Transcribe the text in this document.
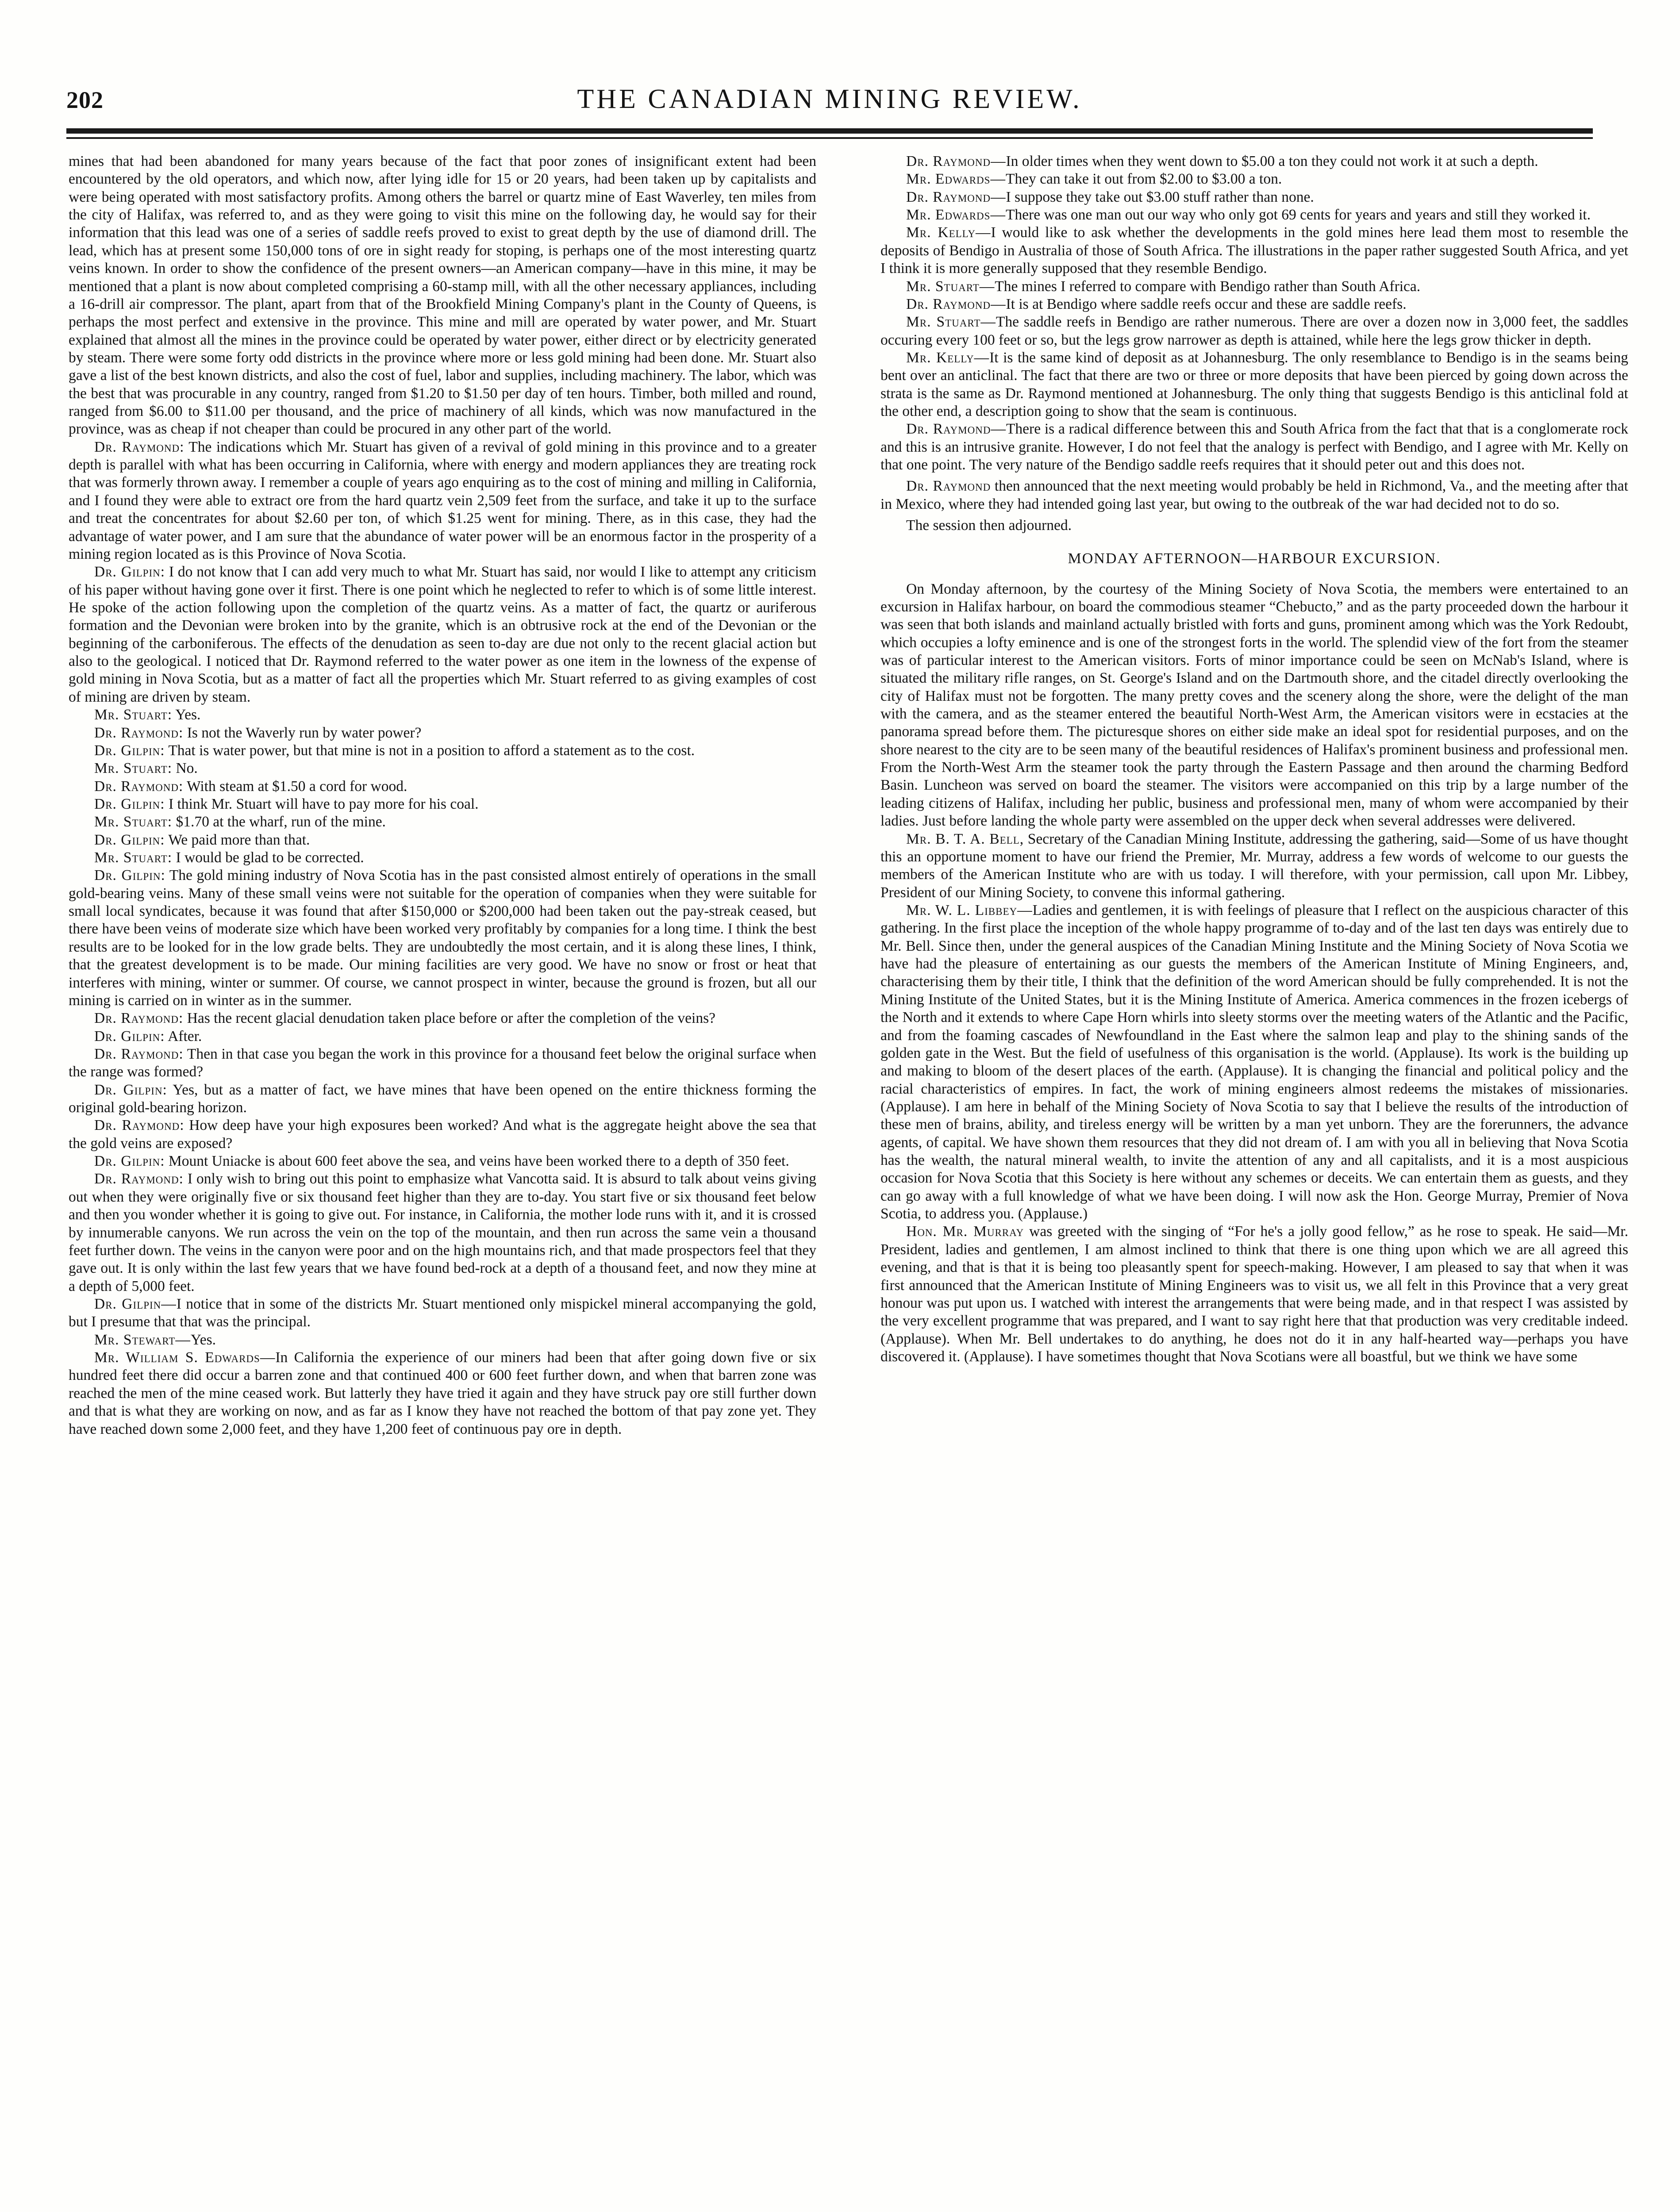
THE CANADIAN MINING REVIEW.
202

mines that had been abandoned for many years because of the fact that poor zones of insignificant extent had been encountered by the old operators, and which now, after lying idle for 15 or 20 years, had been taken up by capitalists and were being operated with most satisfactory profits. Among others the barrel or quartz mine of East Waverley, ten miles from the city of Halifax, was referred to, and as they were going to visit this mine on the following day, he would say for their information that this lead was one of a series of saddle reefs proved to exist to great depth by the use of diamond drill. The lead, which has at present some 150,000 tons of ore in sight ready for stoping, is perhaps one of the most interesting quartz veins known. In order to show the confidence of the present owners—an American company—have in this mine, it may be mentioned that a plant is now about completed comprising a 60-stamp mill, with all the other necessary appliances, including a 16-drill air compressor. The plant, apart from that of the Brookfield Mining Company's plant in the County of Queens, is perhaps the most perfect and extensive in the province. This mine and mill are operated by water power, and Mr. Stuart explained that almost all the mines in the province could be operated by water power, either direct or by electricity generated by steam. There were some forty odd districts in the province where more or less gold mining had been done. Mr. Stuart also gave a list of the best known districts, and also the cost of fuel, labor and supplies, including machinery. The labor, which was the best that was procurable in any country, ranged from $1.20 to $1.50 per day of ten hours. Timber, both milled and round, ranged from $6.00 to $11.00 per thousand, and the price of machinery of all kinds, which was now manufactured in the province, was as cheap if not cheaper than could be procured in any other part of the world.

Dr. Raymond: The indications which Mr. Stuart has given of a revival of gold mining in this province and to a greater depth is parallel with what has been occurring in California, where with energy and modern appliances they are treating rock that was formerly thrown away. I remember a couple of years ago enquiring as to the cost of mining and milling in California, and I found they were able to extract ore from the hard quartz vein 2,509 feet from the surface, and take it up to the surface and treat the concentrates for about $2.60 per ton, of which $1.25 went for mining. There, as in this case, they had the advantage of water power, and I am sure that the abundance of water power will be an enormous factor in the prosperity of a mining region located as is this Province of Nova Scotia.

Dr. Gilpin: I do not know that I can add very much to what Mr. Stuart has said, nor would I like to attempt any criticism of his paper without having gone over it first. There is one point which he neglected to refer to which is of some little interest. He spoke of the action following upon the completion of the quartz veins. As a matter of fact, the quartz or auriferous formation and the Devonian were broken into by the granite, which is an obtrusive rock at the end of the Devonian or the beginning of the carboniferous. The effects of the denudation as seen to-day are due not only to the recent glacial action but also to the geological. I noticed that Dr. Raymond referred to the water power as one item in the lowness of the expense of gold mining in Nova Scotia, but as a matter of fact all the properties which Mr. Stuart referred to as giving examples of cost of mining are driven by steam.

Mr. Stuart: Yes.

Dr. Raymond: Is not the Waverly run by water power?

Dr. Gilpin: That is water power, but that mine is not in a position to afford a statement as to the cost.

Mr. Stuart: No.

Dr. Raymond: With steam at $1.50 a cord for wood.

Dr. Gilpin: I think Mr. Stuart will have to pay more for his coal.

Mr. Stuart: $1.70 at the wharf, run of the mine.

Dr. Gilpin: We paid more than that.

Mr. Stuart: I would be glad to be corrected.

Dr. Gilpin: The gold mining industry of Nova Scotia has in the past consisted almost entirely of operations in the small gold-bearing veins. Many of these small veins were not suitable for the operation of companies when they were suitable for small local syndicates, because it was found that after $150,000 or $200,000 had been taken out the pay-streak ceased, but there have been veins of moderate size which have been worked very profitably by companies for a long time. I think the best results are to be looked for in the low grade belts. They are undoubtedly the most certain, and it is along these lines, I think, that the greatest development is to be made. Our mining facilities are very good. We have no snow or frost or heat that interferes with mining, winter or summer. Of course, we cannot prospect in winter, because the ground is frozen, but all our mining is carried on in winter as in the summer.

Dr. Raymond: Has the recent glacial denudation taken place before or after the completion of the veins?

Dr. Gilpin: After.

Dr. Raymond: Then in that case you began the work in this province for a thousand feet below the original surface when the range was formed?

Dr. Gilpin: Yes, but as a matter of fact, we have mines that have been opened on the entire thickness forming the original gold-bearing horizon.

Dr. Raymond: How deep have your high exposures been worked? And what is the aggregate height above the sea that the gold veins are exposed?

Dr. Gilpin: Mount Uniacke is about 600 feet above the sea, and veins have been worked there to a depth of 350 feet.

Dr. Raymond: I only wish to bring out this point to emphasize what Vancotta said. It is absurd to talk about veins giving out when they were originally five or six thousand feet higher than they are to-day. You start five or six thousand feet below and then you wonder whether it is going to give out. For instance, in California, the mother lode runs with it, and it is crossed by innumerable canyons. We run across the vein on the top of the mountain, and then run across the same vein a thousand feet further down. The veins in the canyon were poor and on the high mountains rich, and that made prospectors feel that they gave out. It is only within the last few years that we have found bed-rock at a depth of a thousand feet, and now they mine at a depth of 5,000 feet.

Dr. Gilpin—I notice that in some of the districts Mr. Stuart mentioned only mispickel mineral accompanying the gold, but I presume that that was the principal.

Mr. Stewart—Yes.

Mr. William S. Edwards—In California the experience of our miners had been that after going down five or six hundred feet there did occur a barren zone and that continued 400 or 600 feet further down, and when that barren zone was reached the men of the mine ceased work. But latterly they have tried it again and they have struck pay ore still further down and that is what they are working on now, and as far as I know they have not reached the bottom of that pay zone yet. They have reached down some 2,000 feet, and they have 1,200 feet of continuous pay ore in depth.

Dr. Raymond—In older times when they went down to $5.00 a ton they could not work it at such a depth.

Mr. Edwards—They can take it out from $2.00 to $3.00 a ton.

Dr. Raymond—I suppose they take out $3.00 stuff rather than none.

Mr. Edwards—There was one man out our way who only got 69 cents for years and years and still they worked it.

Mr. Kelly—I would like to ask whether the developments in the gold mines here lead them most to resemble the deposits of Bendigo in Australia of those of South Africa. The illustrations in the paper rather suggested South Africa, and yet I think it is more generally supposed that they resemble Bendigo.

Mr. Stuart—The mines I referred to compare with Bendigo rather than South Africa.

Dr. Raymond—It is at Bendigo where saddle reefs occur and these are saddle reefs.

Mr. Stuart—The saddle reefs in Bendigo are rather numerous. There are over a dozen now in 3,000 feet, the saddles occuring every 100 feet or so, but the legs grow narrower as depth is attained, while here the legs grow thicker in depth.

Mr. Kelly—It is the same kind of deposit as at Johannesburg. The only resemblance to Bendigo is in the seams being bent over an anticlinal. The fact that there are two or three or more deposits that have been pierced by going down across the strata is the same as Dr. Raymond mentioned at Johannesburg. The only thing that suggests Bendigo is this anticlinal fold at the other end, a description going to show that the seam is continuous.

Dr. Raymond—There is a radical difference between this and South Africa from the fact that that is a conglomerate rock and this is an intrusive granite. However, I do not feel that the analogy is perfect with Bendigo, and I agree with Mr. Kelly on that one point. The very nature of the Bendigo saddle reefs requires that it should peter out and this does not.

Dr. Raymond then announced that the next meeting would probably be held in Richmond, Va., and the meeting after that in Mexico, where they had intended going last year, but owing to the outbreak of the war had decided not to do so.

The session then adjourned.

MONDAY AFTERNOON—HARBOUR EXCURSION.

On Monday afternoon, by the courtesy of the Mining Society of Nova Scotia, the members were entertained to an excursion in Halifax harbour, on board the commodious steamer “Chebucto,” and as the party proceeded down the harbour it was seen that both islands and mainland actually bristled with forts and guns, prominent among which was the York Redoubt, which occupies a lofty eminence and is one of the strongest forts in the world. The splendid view of the fort from the steamer was of particular interest to the American visitors. Forts of minor importance could be seen on McNab's Island, where is situated the military rifle ranges, on St. George's Island and on the Dartmouth shore, and the citadel directly overlooking the city of Halifax must not be forgotten. The many pretty coves and the scenery along the shore, were the delight of the man with the camera, and as the steamer entered the beautiful North-West Arm, the American visitors were in ecstacies at the panorama spread before them. The picturesque shores on either side make an ideal spot for residential purposes, and on the shore nearest to the city are to be seen many of the beautiful residences of Halifax's prominent business and professional men. From the North-West Arm the steamer took the party through the Eastern Passage and then around the charming Bedford Basin. Luncheon was served on board the steamer. The visitors were accompanied on this trip by a large number of the leading citizens of Halifax, including her public, business and professional men, many of whom were accompanied by their ladies. Just before landing the whole party were assembled on the upper deck when several addresses were delivered.

Mr. B. T. A. Bell, Secretary of the Canadian Mining Institute, addressing the gathering, said—Some of us have thought this an opportune moment to have our friend the Premier, Mr. Murray, address a few words of welcome to our guests the members of the American Institute who are with us today. I will therefore, with your permission, call upon Mr. Libbey, President of our Mining Society, to convene this informal gathering.

Mr. W. L. Libbey—Ladies and gentlemen, it is with feelings of pleasure that I reflect on the auspicious character of this gathering. In the first place the inception of the whole happy programme of to-day and of the last ten days was entirely due to Mr. Bell. Since then, under the general auspices of the Canadian Mining Institute and the Mining Society of Nova Scotia we have had the pleasure of entertaining as our guests the members of the American Institute of Mining Engineers, and, characterising them by their title, I think that the definition of the word American should be fully comprehended. It is not the Mining Institute of the United States, but it is the Mining Institute of America. America commences in the frozen icebergs of the North and it extends to where Cape Horn whirls into sleety storms over the meeting waters of the Atlantic and the Pacific, and from the foaming cascades of Newfoundland in the East where the salmon leap and play to the shining sands of the golden gate in the West. But the field of usefulness of this organisation is the world. (Applause). Its work is the building up and making to bloom of the desert places of the earth. (Applause). It is changing the financial and political policy and the racial characteristics of empires. In fact, the work of mining engineers almost redeems the mistakes of missionaries. (Applause). I am here in behalf of the Mining Society of Nova Scotia to say that I believe the results of the introduction of these men of brains, ability, and tireless energy will be written by a man yet unborn. They are the forerunners, the advance agents, of capital. We have shown them resources that they did not dream of. I am with you all in believing that Nova Scotia has the wealth, the natural mineral wealth, to invite the attention of any and all capitalists, and it is a most auspicious occasion for Nova Scotia that this Society is here without any schemes or deceits. We can entertain them as guests, and they can go away with a full knowledge of what we have been doing. I will now ask the Hon. George Murray, Premier of Nova Scotia, to address you. (Applause.)

Hon. Mr. Murray was greeted with the singing of “For he's a jolly good fellow,” as he rose to speak. He said—Mr. President, ladies and gentlemen, I am almost inclined to think that there is one thing upon which we are all agreed this evening, and that is that it is being too pleasantly spent for speech-making. However, I am pleased to say that when it was first announced that the American Institute of Mining Engineers was to visit us, we all felt in this Province that a very great honour was put upon us. I watched with interest the arrangements that were being made, and in that respect I was assisted by the very excellent programme that was prepared, and I want to say right here that that production was very creditable indeed. (Applause). When Mr. Bell undertakes to do anything, he does not do it in any half-hearted way—perhaps you have discovered it. (Applause). I have sometimes thought that Nova Scotians were all boastful, but we think we have some
